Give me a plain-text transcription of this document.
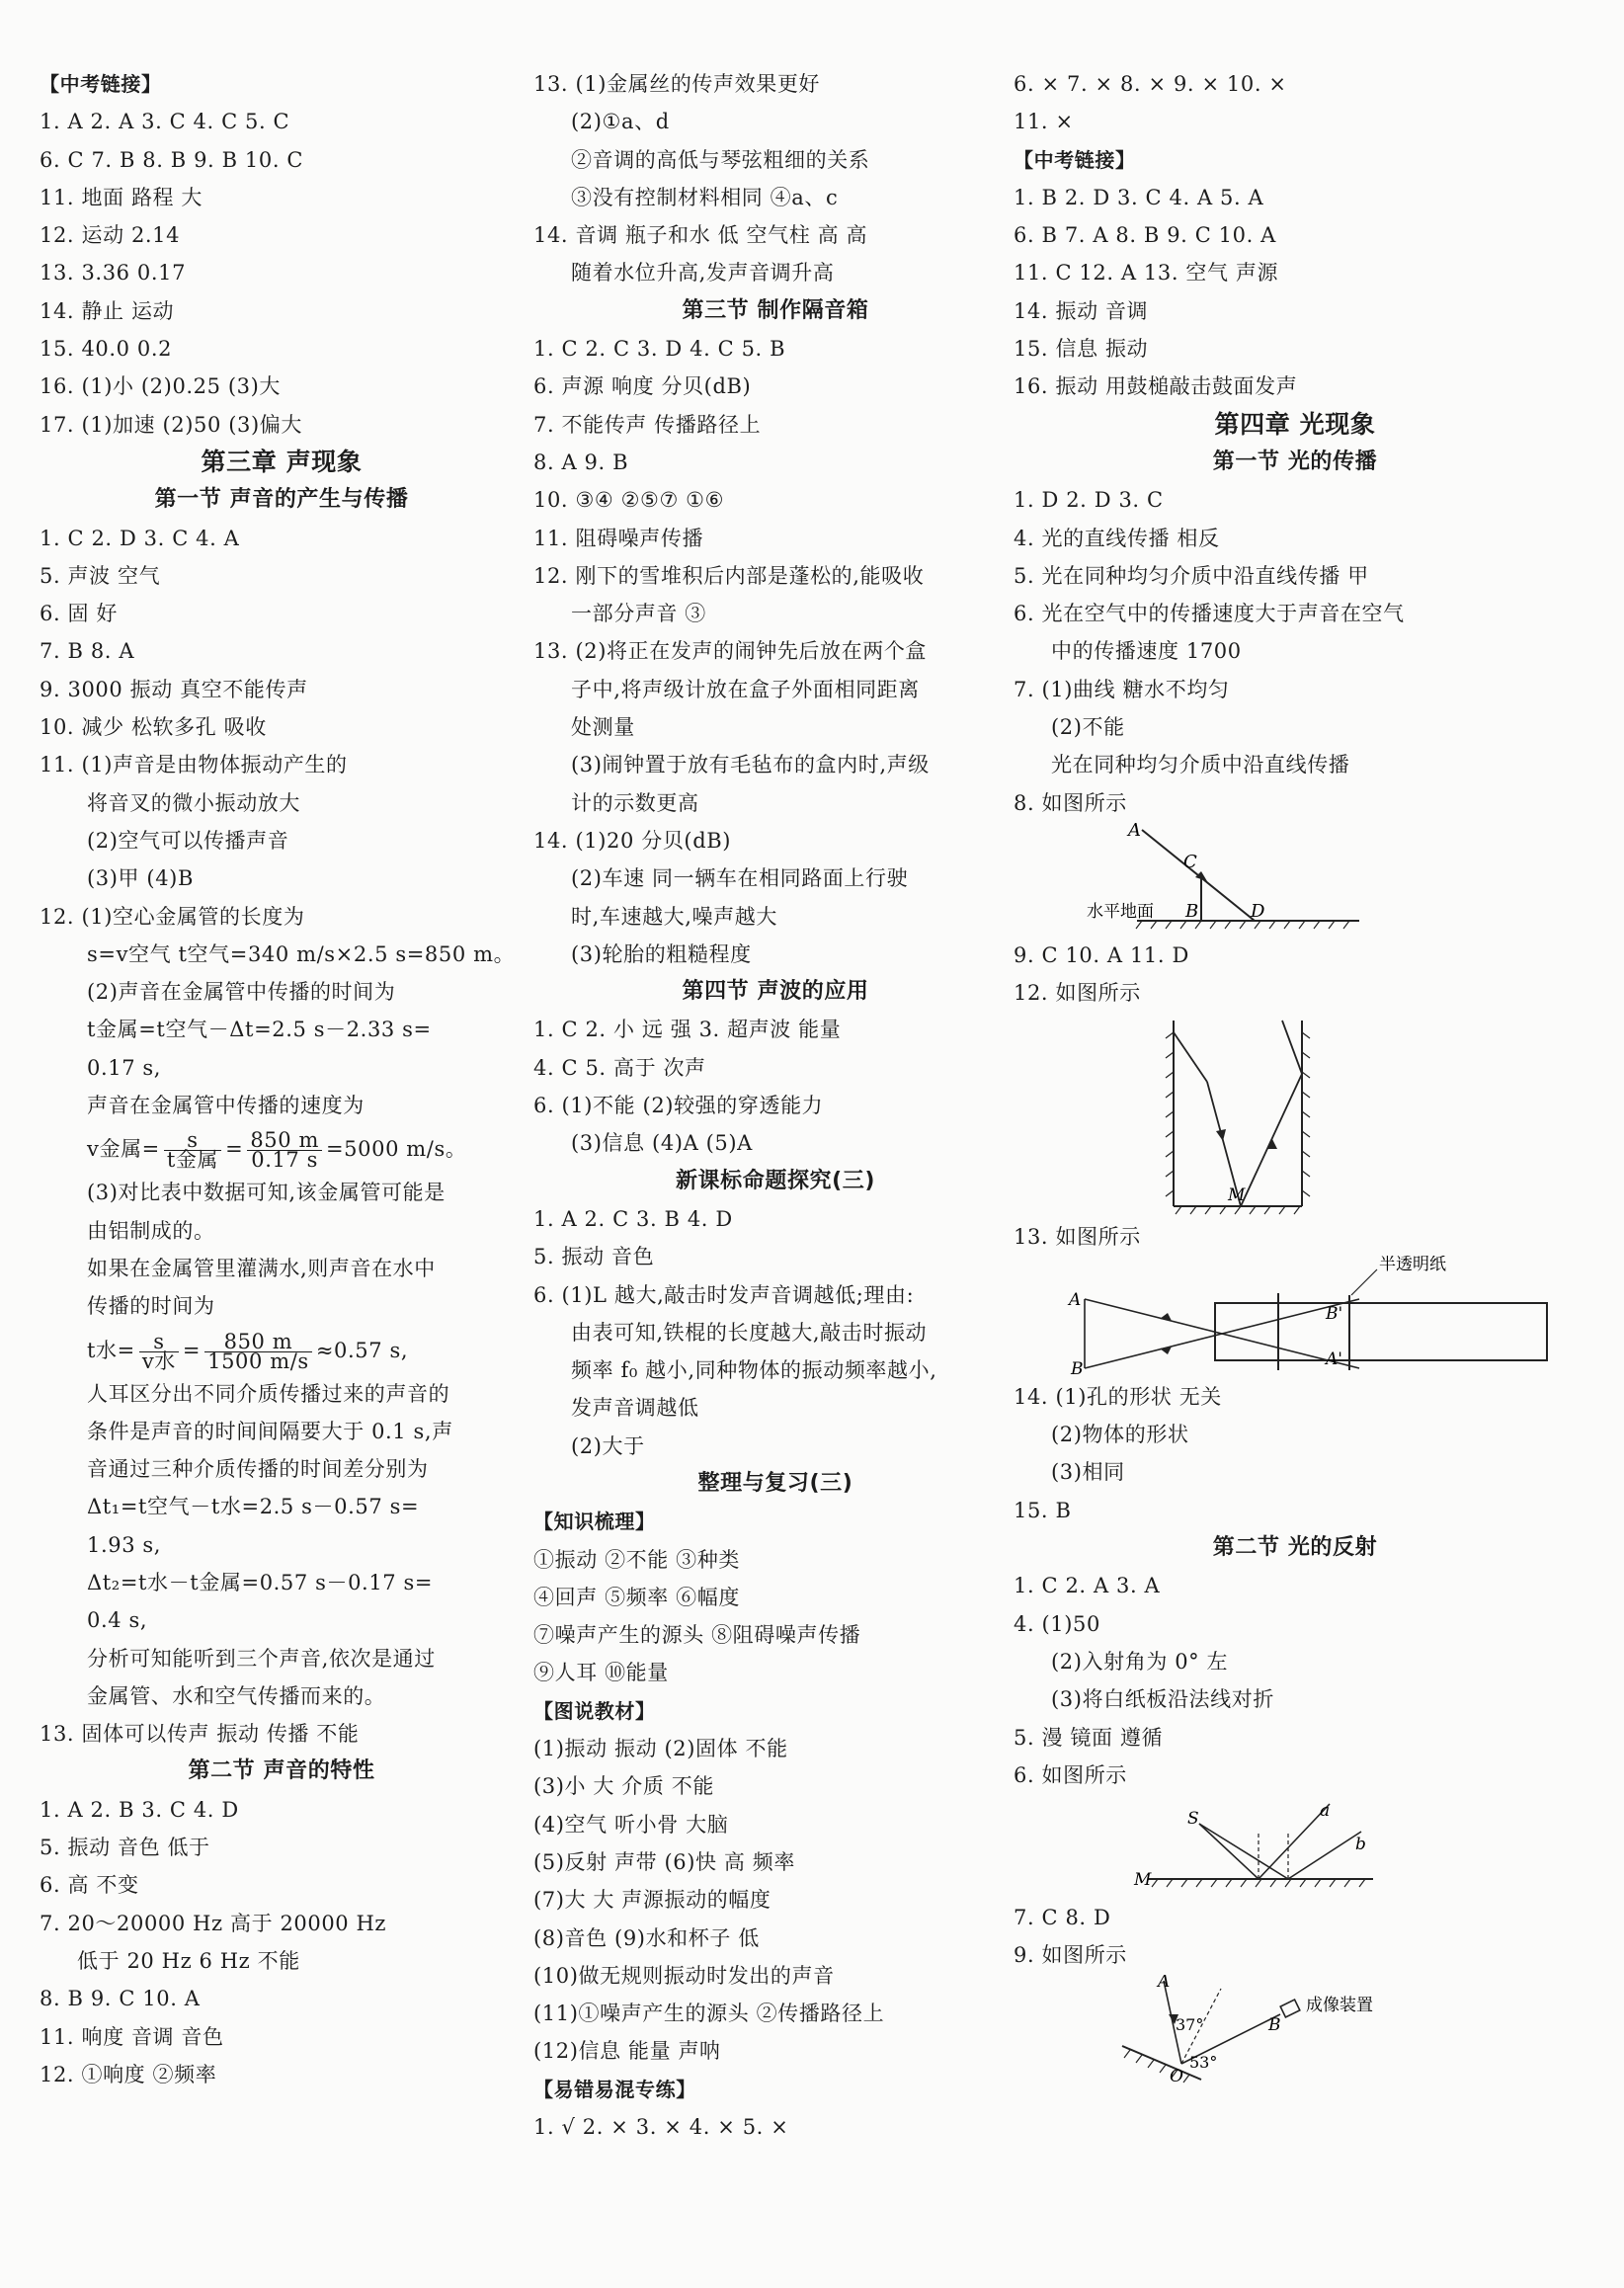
【中考链接】
1. A 2. A 3. C 4. C 5. C
6. C 7. B 8. B 9. B 10. C
11. 地面 路程 大
12. 运动 2.14
13. 3.36 0.17
14. 静止 运动
15. 40.0 0.2
16. (1)小 (2)0.25 (3)大
17. (1)加速 (2)50 (3)偏大
第三章 声现象
第一节 声音的产生与传播
1. C 2. D 3. C 4. A
5. 声波 空气
6. 固 好
7. B 8. A
9. 3000 振动 真空不能传声
10. 减少 松软多孔 吸收
11. (1)声音是由物体振动产生的
将音叉的微小振动放大
(2)空气可以传播声音
(3)甲 (4)B
12. (1)空心金属管的长度为
s=v空气 t空气=340 m/s×2.5 s=850 m。
(2)声音在金属管中传播的时间为
t金属=t空气－Δt=2.5 s－2.33 s=
0.17 s,
声音在金属管中传播的速度为
v金属= $\frac{s}{\text{t金属}} = \frac{850 m}{0.17 s} =5000$ m/s。
(3)对比表中数据可知,该金属管可能是
由铝制成的。
如果在金属管里灌满水,则声音在水中
传播的时间为
t水= $\frac{s}{\text{v水}} = \frac{850 m}{1500 m/s} \approx 0.57$ s,
人耳区分出不同介质传播过来的声音的
条件是声音的时间间隔要大于 0.1 s,声
音通过三种介质传播的时间差分别为
Δt₁=t空气－t水=2.5 s－0.57 s=
1.93 s,
Δt₂=t水－t金属=0.57 s－0.17 s=
0.4 s,
分析可知能听到三个声音,依次是通过
金属管、水和空气传播而来的。
13. 固体可以传声 振动 传播 不能
第二节 声音的特性
1. A 2. B 3. C 4. D
5. 振动 音色 低于
6. 高 不变
7. 20～20000 Hz 高于 20000 Hz
低于 20 Hz 6 Hz 不能
8. B 9. C 10. A
11. 响度 音调 音色
12. ①响度 ②频率
13. (1)金属丝的传声效果更好
(2)①a、d
②音调的高低与琴弦粗细的关系
③没有控制材料相同 ④a、c
14. 音调 瓶子和水 低 空气柱 高 高
随着水位升高,发声音调升高
第三节 制作隔音箱
1. C 2. C 3. D 4. C 5. B
6. 声源 响度 分贝(dB)
7. 不能传声 传播路径上
8. A 9. B
10. ③④ ②⑤⑦ ①⑥
11. 阻碍噪声传播
12. 刚下的雪堆积后内部是蓬松的,能吸收
一部分声音 ③
13. (2)将正在发声的闹钟先后放在两个盒
子中,将声级计放在盒子外面相同距离
处测量
(3)闹钟置于放有毛毡布的盒内时,声级
计的示数更高
14. (1)20 分贝(dB)
(2)车速 同一辆车在相同路面上行驶
时,车速越大,噪声越大
(3)轮胎的粗糙程度
第四节 声波的应用
1. C 2. 小 远 强 3. 超声波 能量
4. C 5. 高于 次声
6. (1)不能 (2)较强的穿透能力
(3)信息 (4)A (5)A
新课标命题探究(三)
1. A 2. C 3. B 4. D
5. 振动 音色
6. (1)L 越大,敲击时发声音调越低;理由:
由表可知,铁棍的长度越大,敲击时振动
频率 f₀ 越小,同种物体的振动频率越小,
发声音调越低
(2)大于
整理与复习(三)
【知识梳理】
①振动 ②不能 ③种类
④回声 ⑤频率 ⑥幅度
⑦噪声产生的源头 ⑧阻碍噪声传播
⑨人耳 ⑩能量
【图说教材】
(1)振动 振动 (2)固体 不能
(3)小 大 介质 不能
(4)空气 听小骨 大脑
(5)反射 声带 (6)快 高 频率
(7)大 大 声源振动的幅度
(8)音色 (9)水和杯子 低
(10)做无规则振动时发出的声音
(11)①噪声产生的源头 ②传播路径上
(12)信息 能量 声呐
【易错易混专练】
1. √ 2. × 3. × 4. × 5. ×
6. × 7. × 8. × 9. × 10. ×
11. ×
【中考链接】
1. B 2. D 3. C 4. A 5. A
6. B 7. A 8. B 9. C 10. A
11. C 12. A 13. 空气 声源
14. 振动 音调
15. 信息 振动
16. 振动 用鼓槌敲击鼓面发声
第四章 光现象
第一节 光的传播
1. D 2. D 3. C
4. 光的直线传播 相反
5. 光在同种均匀介质中沿直线传播 甲
6. 光在空气中的传播速度大于声音在空气
中的传播速度 1700
7. (1)曲线 糖水不均匀
(2)不能
光在同种均匀介质中沿直线传播
8. 如图所示
A
C
B	D
水平地面
9. C 10. A 11. D
12. 如图所示
M
13. 如图所示
A
B
B'
A'
半透明纸
14. (1)孔的形状 无关
(2)物体的形状
(3)相同
15. B
第二节 光的反射
1. C 2. A 3. A
4. (1)50
(2)入射角为 0° 左
(3)将白纸板沿法线对折
5. 漫 镜面 遵循
6. 如图所示
S
M
a
b
7. C 8. D
9. 如图所示
A
B
O
37°
53°
成像装置
